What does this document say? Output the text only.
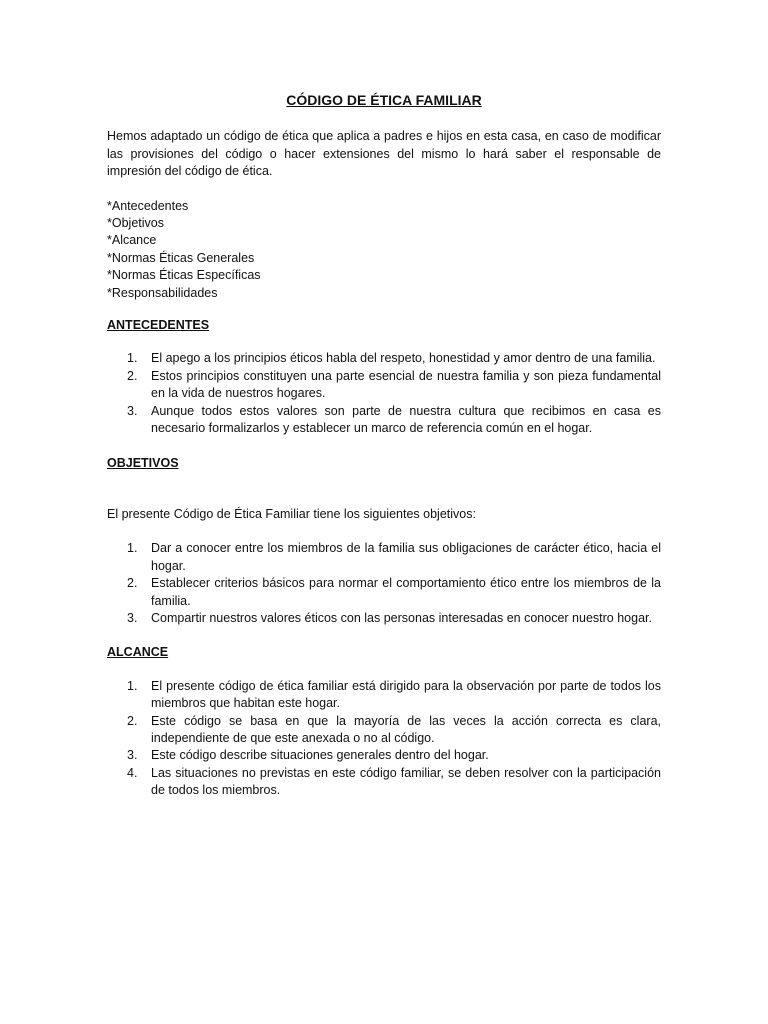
CÓDIGO DE ÉTICA FAMILIAR
Hemos adaptado un código de ética que aplica a padres e hijos en esta casa, en caso de modificar las provisiones del código o hacer extensiones del mismo lo hará saber el responsable de impresión del código de ética.
*Antecedentes
*Objetivos
*Alcance
*Normas Éticas Generales
*Normas Éticas Específicas
*Responsabilidades
ANTECEDENTES
1.	El apego a los principios éticos habla del respeto, honestidad y amor dentro de una familia.
2.	Estos principios constituyen una parte esencial de nuestra familia y son pieza fundamental en la vida de nuestros hogares.
3.	Aunque todos estos valores son parte de nuestra cultura que recibimos en casa es necesario formalizarlos y establecer un marco de referencia común en el hogar.
OBJETIVOS
El presente Código de Ética Familiar tiene los siguientes objetivos:
1.	Dar a conocer entre los miembros de la familia sus obligaciones de carácter ético, hacia el hogar.
2.	Establecer criterios básicos para normar el comportamiento ético entre los miembros de la familia.
3.	Compartir nuestros valores éticos con las personas interesadas en conocer nuestro hogar.
ALCANCE
1.	El presente código de ética familiar está dirigido para la observación por parte de todos los miembros que habitan este hogar.
2.	Este código se basa en que la mayoría de las veces la acción correcta es clara, independiente de que este anexada o no al código.
3.	Este código describe situaciones generales dentro del hogar.
4.	Las situaciones no previstas en este código familiar, se deben resolver con la participación de todos los miembros.
